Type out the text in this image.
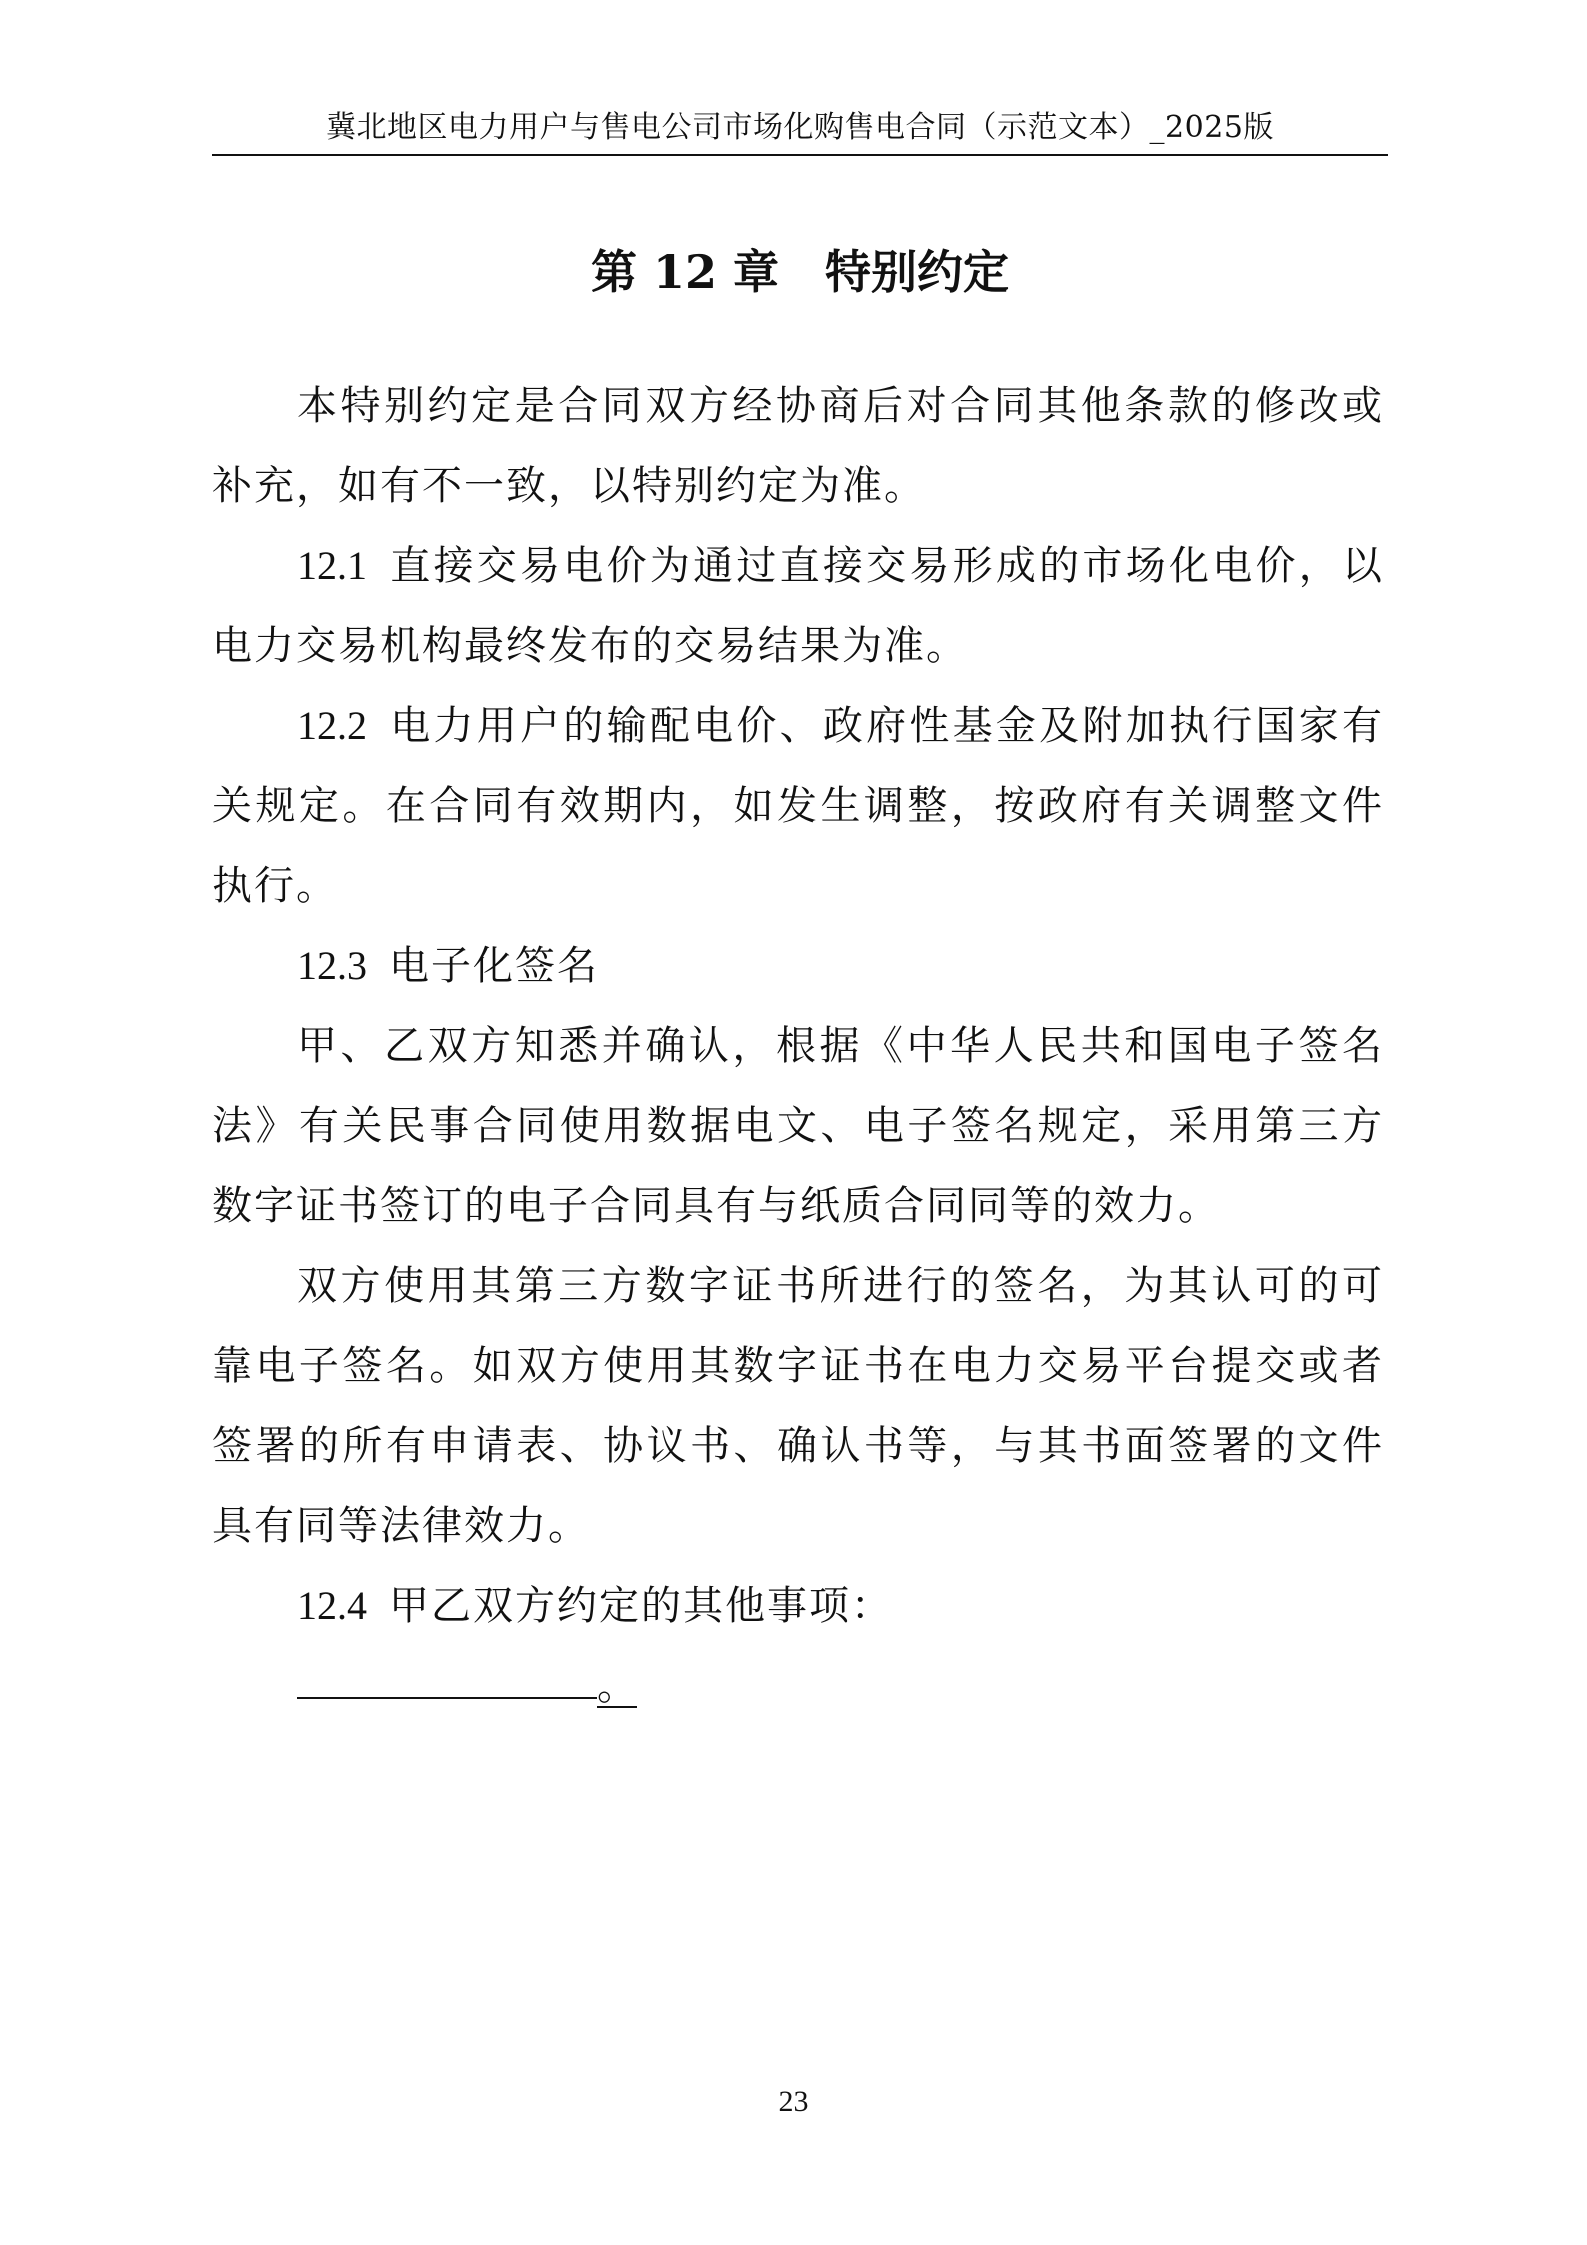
冀北地区电力用户与售电公司市场化购售电合同（示范文本）_2025版
第 12 章 特别约定

本特别约定是合同双方经协商后对合同其他条款的修改或补充，如有不一致，以特别约定为准。

12.1  直接交易电价为通过直接交易形成的市场化电价，以电力交易机构最终发布的交易结果为准。

12.2  电力用户的输配电价、政府性基金及附加执行国家有关规定。在合同有效期内，如发生调整，按政府有关调整文件执行。

12.3  电子化签名

甲、乙双方知悉并确认，根据《中华人民共和国电子签名法》有关民事合同使用数据电文、电子签名规定，采用第三方数字证书签订的电子合同具有与纸质合同同等的效力。

双方使用其第三方数字证书所进行的签名，为其认可的可靠电子签名。如双方使用其数字证书在电力交易平台提交或者签署的所有申请表、协议书、确认书等，与其书面签署的文件具有同等法律效力。

12.4  甲乙双方约定的其他事项：

。

23
